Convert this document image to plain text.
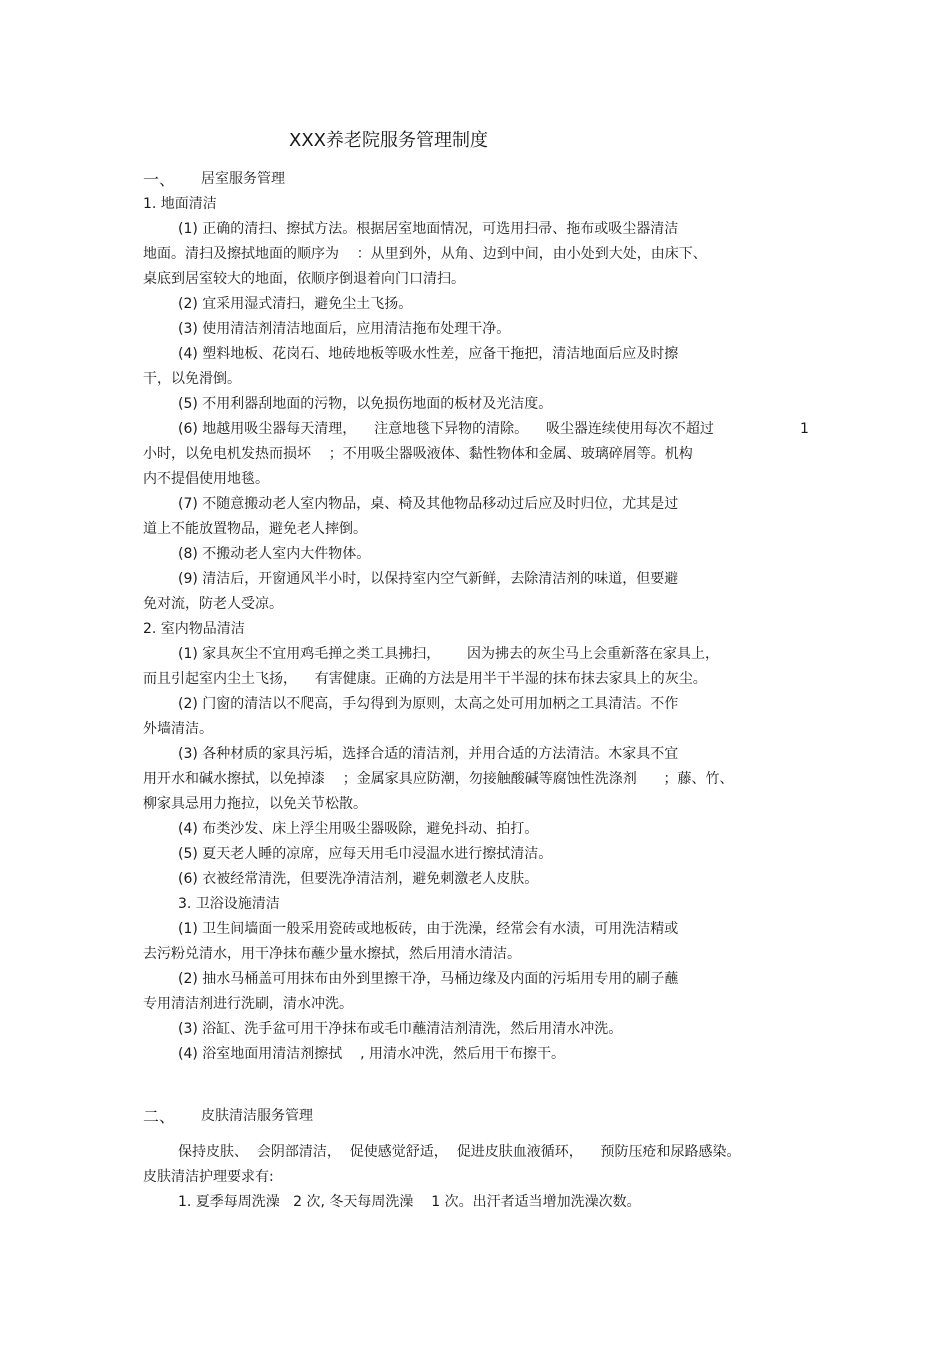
XXX养老院服务管理制度
一、 居室服务管理
1. 地面清洁
(1) 正确的清扫、擦拭方法。根据居室地面情况，可选用扫帚、拖布或吸尘器清洁
地面。清扫及擦拭地面的顺序为    ：从里到外，从角、边到中间，由小处到大处，由床下、
桌底到居室较大的地面，依顺序倒退着向门口清扫。
(2) 宜采用湿式清扫，避免尘土飞扬。
(3) 使用清洁剂清洁地面后，应用清洁拖布处理干净。
(4) 塑料地板、花岗石、地砖地板等吸水性差，应备干拖把，清洁地面后应及时擦
干，以免滑倒。
(5) 不用利器刮地面的污物，以免损伤地面的板材及光洁度。
(6) 地越用吸尘器每天清理，    注意地毯下异物的清除。    吸尘器连续使用每次不超过	1
小时，以免电机发热而损坏    ；不用吸尘器吸液体、黏性物体和金属、玻璃碎屑等。机构
内不提倡使用地毯。
(7) 不随意搬动老人室内物品，桌、椅及其他物品移动过后应及时归位，尤其是过
道上不能放置物品，避免老人摔倒。
(8) 不搬动老人室内大件物体。
(9) 清洁后，开窗通风半小时，以保持室内空气新鲜，去除清洁剂的味道，但要避
免对流，防老人受凉。
2. 室内物品清洁
(1) 家具灰尘不宜用鸡毛掸之类工具拂扫，      因为拂去的灰尘马上会重新落在家具上，
而且引起室内尘土飞扬，    有害健康。正确的方法是用半干半湿的抹布抹去家具上的灰尘。
(2) 门窗的清洁以不爬高，手勾得到为原则，太高之处可用加柄之工具清洁。不作
外墙清洁。
(3) 各种材质的家具污垢，选择合适的清洁剂，并用合适的方法清洁。木家具不宜
用开水和碱水擦拭，以免掉漆    ；金属家具应防潮，勿接触酸碱等腐蚀性洗涤剂      ；藤、竹、
柳家具忌用力拖拉，以免关节松散。
(4) 布类沙发、床上浮尘用吸尘器吸除，避免抖动、拍打。
(5) 夏天老人睡的凉席，应每天用毛巾浸温水进行擦拭清洁。
(6) 衣被经常清洗，但要洗净清洁剂，避免刺激老人皮肤。
3. 卫浴设施清洁
(1) 卫生间墙面一般采用瓷砖或地板砖，由于洗澡，经常会有水渍，可用洗洁精或
去污粉兑清水，用干净抹布蘸少量水擦拭，然后用清水清洁。
(2) 抽水马桶盖可用抹布由外到里擦干净，马桶边缘及内面的污垢用专用的刷子蘸
专用清洁剂进行洗刷，清水冲洗。
(3) 浴缸、洗手盆可用干净抹布或毛巾蘸清洁剂清洗，然后用清水冲洗。
(4) 浴室地面用清洁剂擦拭    , 用清水冲洗，然后用干布擦干。
二、 皮肤清洁服务管理
保持皮肤、  会阴部清洁，  促使感觉舒适，  促进皮肤血液循环，    预防压疮和尿路感染。
皮肤清洁护理要求有:
1. 夏季每周洗澡   2 次, 冬天每周洗澡    1 次。出汗者适当增加洗澡次数。
